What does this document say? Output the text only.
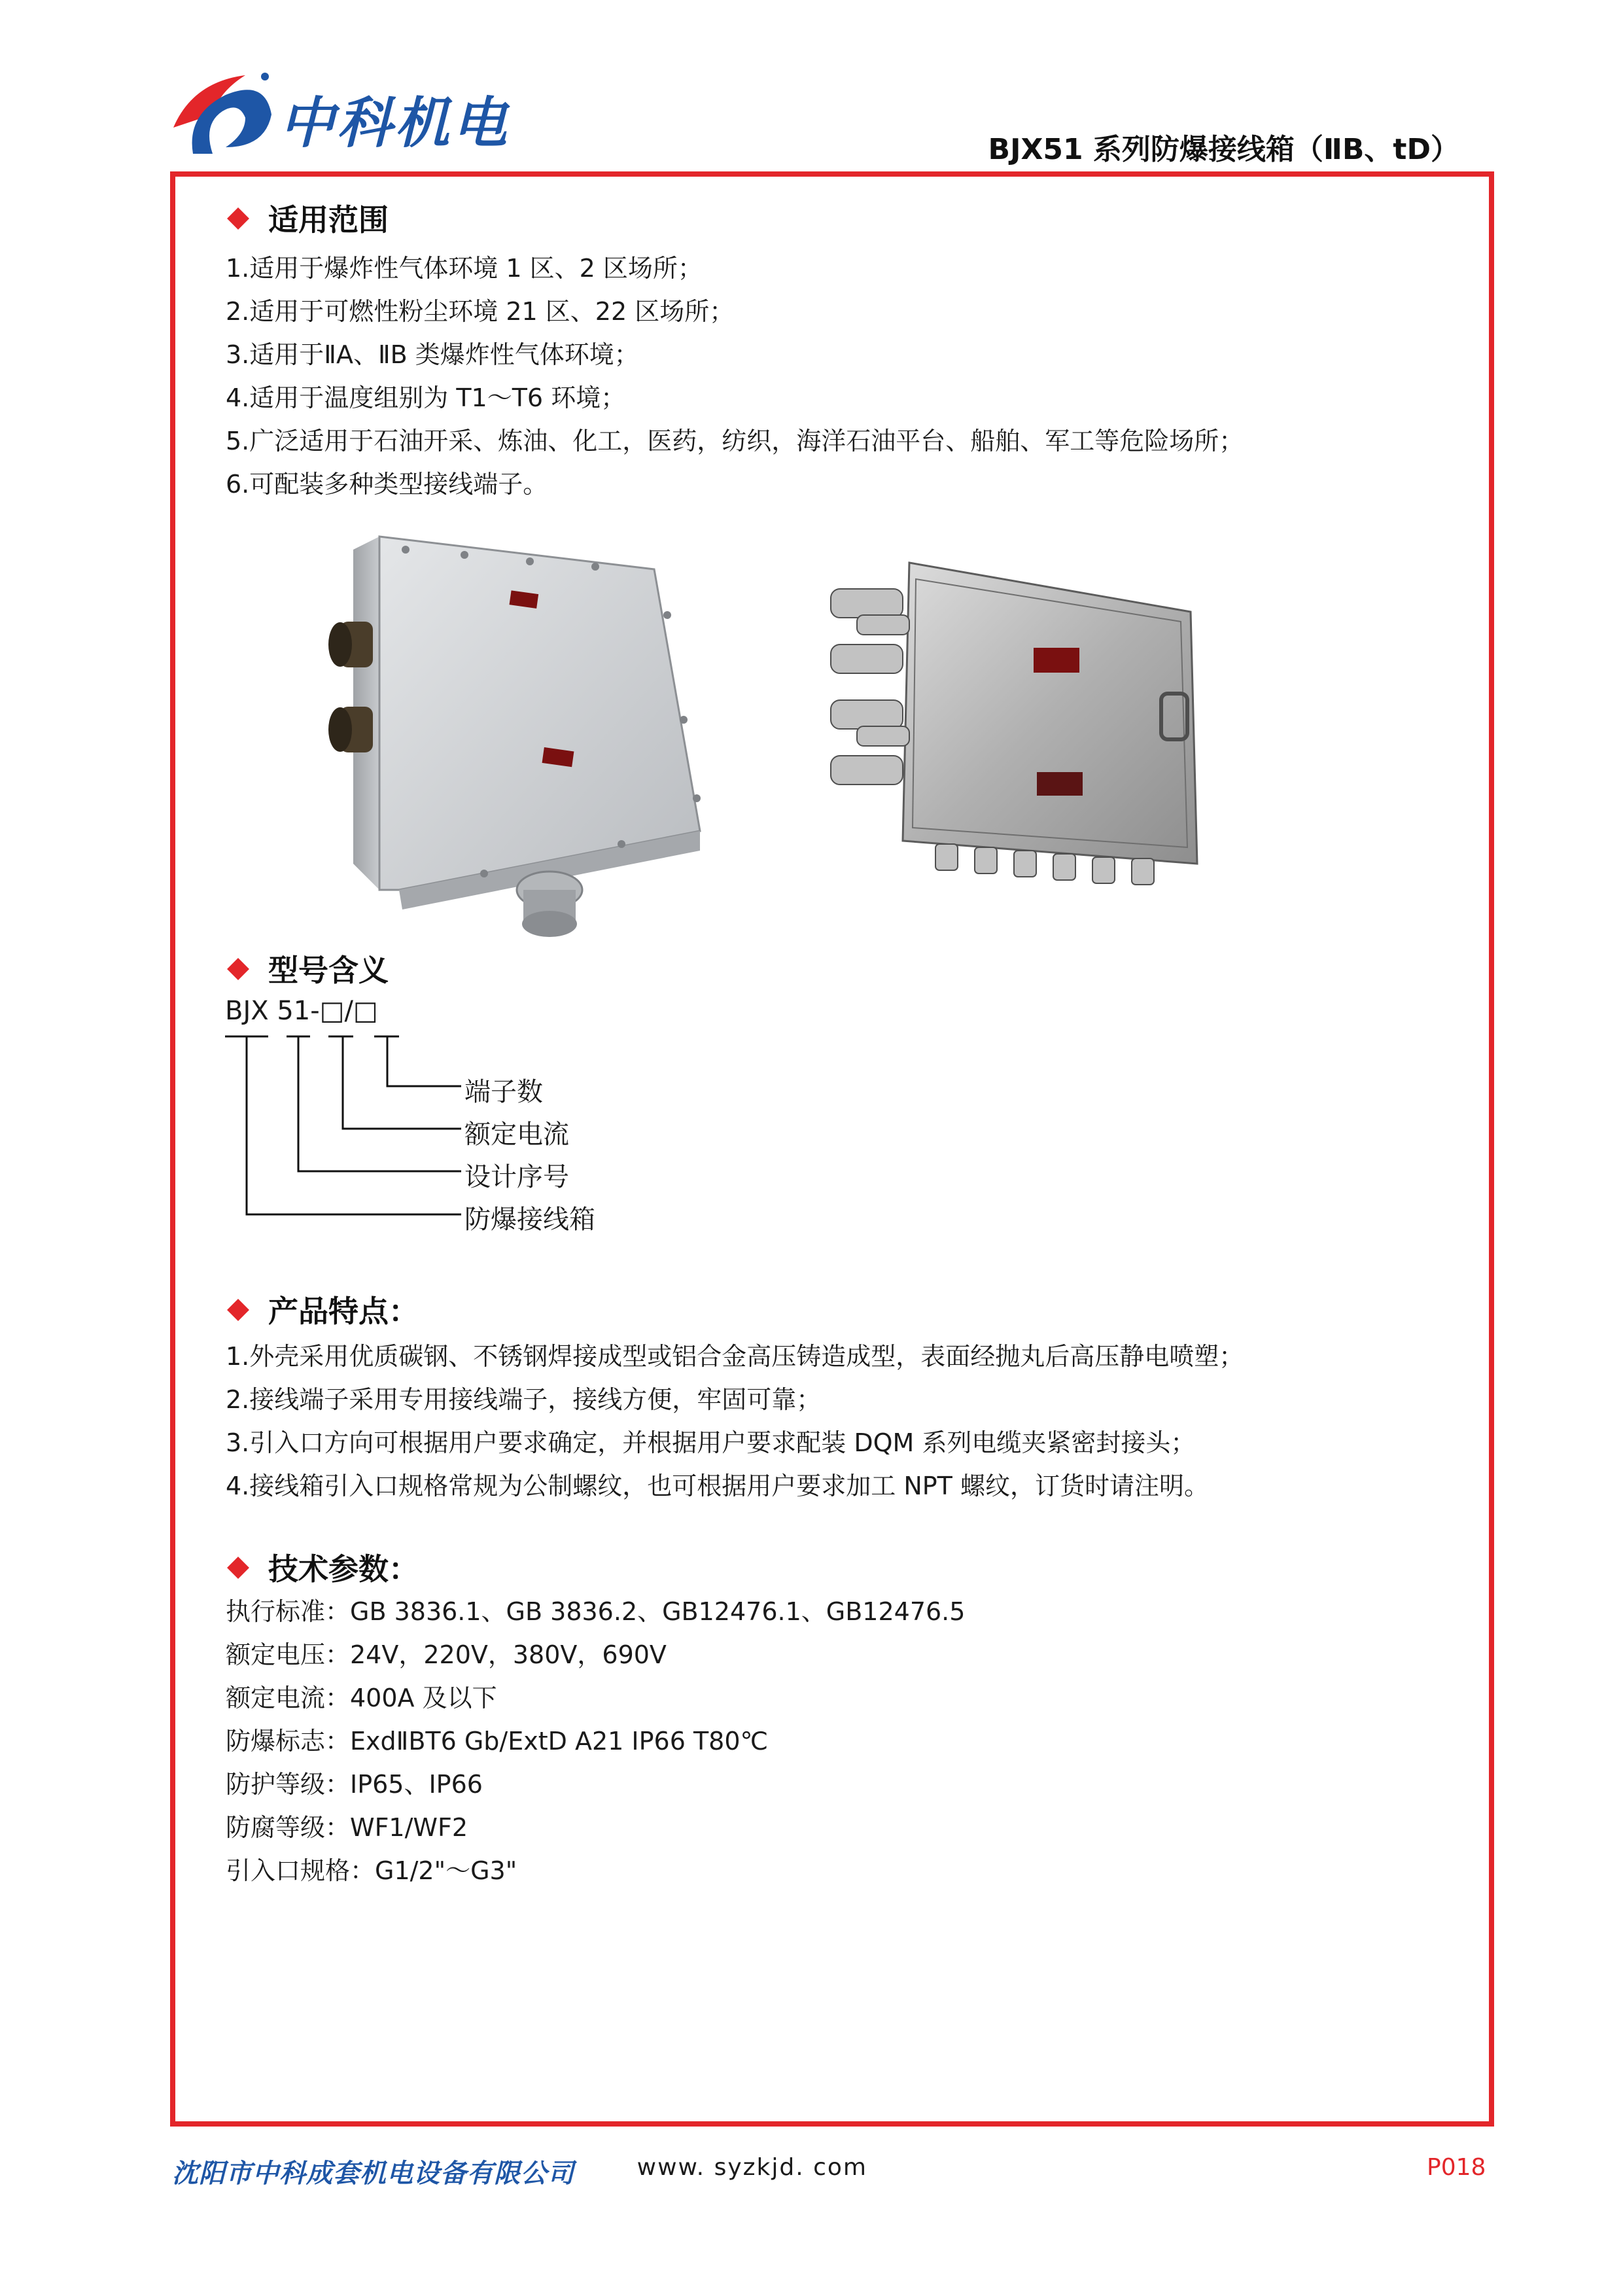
中科机电	BJX51 系列防爆接线箱（ⅡB、tD）
适用范围
1.适用于爆炸性气体环境 1 区、2 区场所；
2.适用于可燃性粉尘环境 21 区、22 区场所；
3.适用于ⅡA、ⅡB 类爆炸性气体环境；
4.适用于温度组别为 T1～T6 环境；
5.广泛适用于石油开采、炼油、化工，医药，纺织，海洋石油平台、船舶、军工等危险场所；
6.可配装多种类型接线端子。
型号含义
BJX 51-□/□
端子数
额定电流
设计序号
防爆接线箱
产品特点：
1.外壳采用优质碳钢、不锈钢焊接成型或铝合金高压铸造成型，表面经抛丸后高压静电喷塑；
2.接线端子采用专用接线端子，接线方便，牢固可靠；
3.引入口方向可根据用户要求确定，并根据用户要求配装 DQM 系列电缆夹紧密封接头；
4.接线箱引入口规格常规为公制螺纹，也可根据用户要求加工 NPT 螺纹，订货时请注明。
技术参数：
执行标准：GB 3836.1、GB 3836.2、GB12476.1、GB12476.5
额定电压：24V，220V，380V，690V
额定电流：400A 及以下
防爆标志：ExdⅡBT6 Gb/ExtD A21 IP66 T80℃
防护等级：IP65、IP66
防腐等级：WF1/WF2
引入口规格：G1/2"～G3"
沈阳市中科成套机电设备有限公司	www. syzkjd. com	P018
